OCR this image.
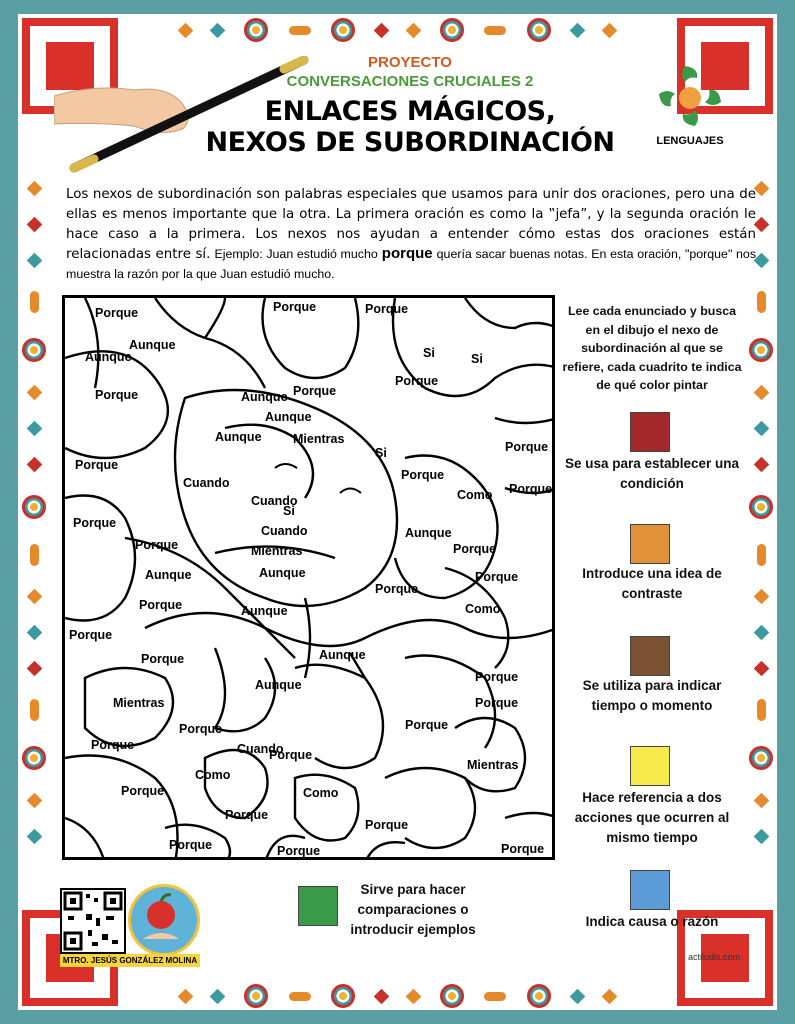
PROYECTO
CONVERSACIONES CRUCIALES 2
ENLACES MÁGICOS,
NEXOS DE SUBORDINACIÓN	LENGUAJES
Los nexos de subordinación son palabras especiales que usamos para unir dos oraciones, pero una de ellas es menos importante que la otra. La primera oración es como la ‟jefa”, y la segunda oración le hace caso a la primera. Los nexos nos ayudan a entender cómo estas dos oraciones están relacionadas entre sí. Ejemplo: Juan estudió mucho porque quería sacar buenas notas. En esta oración, "porque" nos muestra la razón por la que Juan estudió mucho.
Porque	Porque	Porque
Aunque
Aunque
Porque
Porque
Si	Si
Aunque
Aunque
Aunque
Mientras
Porque
Cuando
Si
Porque
Porque
Porque
Porque
Como
Cuando
Si
Cuando
Mientras
Porque
Porque	Porque
Aunque	Aunque
Aunque
Porque
Porque	Aunque
Porque
Como
Porque
Porque
Aunque
Aunque
Porque
Mientras
Porque
Porque	Porque
Porque
Cuando
Porque
Como
Mientras
Porque	Como
Porque
Porque
Porque	Porque	Porque
Lee cada enunciado y busca en el dibujo el nexo de subordinación al que se refiere, cada cuadrito te indica de qué color pintar
Se usa para establecer una condición
Introduce una idea de contraste
Se utiliza para indicar tiempo o momento
Hace referencia a dos acciones que ocurren al mismo tiempo
Indica causa o razón
Sirve para hacer comparaciones o introducir ejemplos
MTRO. JESÚS GONZÁLEZ MOLINA	actiludis.com
